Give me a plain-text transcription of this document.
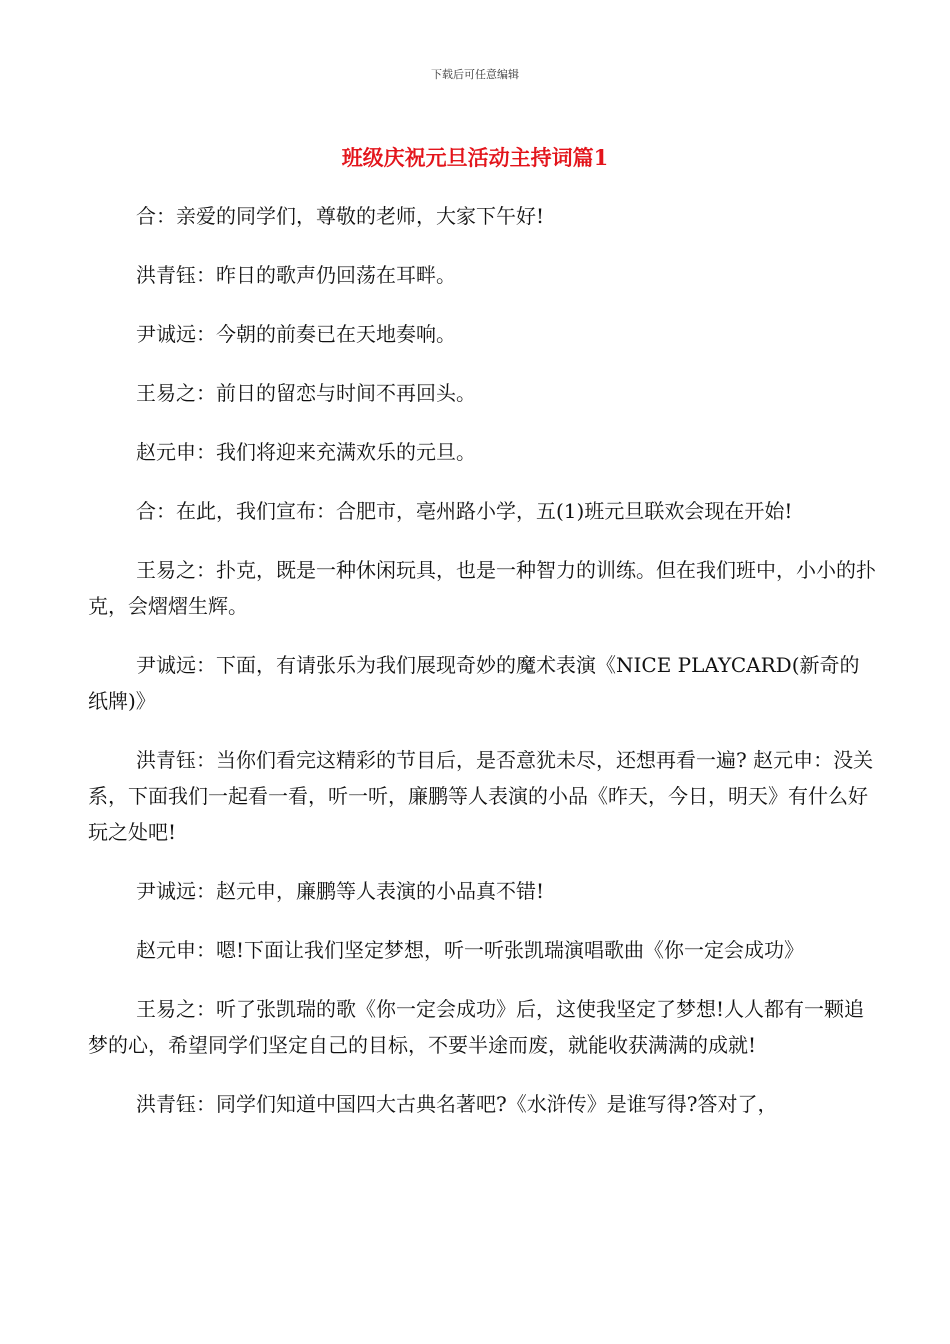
下载后可任意编辑
班级庆祝元旦活动主持词篇1

合：亲爱的同学们，尊敬的老师，大家下午好!

洪青钰：昨日的歌声仍回荡在耳畔。

尹诚远：今朝的前奏已在天地奏响。

王易之：前日的留恋与时间不再回头。

赵元申：我们将迎来充满欢乐的元旦。

合：在此，我们宣布：合肥市，亳州路小学，五(1)班元旦联欢会现在开始!

王易之：扑克，既是一种休闲玩具，也是一种智力的训练。但在我们班中，小小的扑克，会熠熠生辉。

尹诚远：下面，有请张乐为我们展现奇妙的魔术表演《NICE PLAYCARD(新奇的纸牌)》

洪青钰：当你们看完这精彩的节目后，是否意犹未尽，还想再看一遍? 赵元申：没关系，下面我们一起看一看，听一听，廉鹏等人表演的小品《昨天，今日，明天》有什么好玩之处吧!

尹诚远：赵元申，廉鹏等人表演的小品真不错!

赵元申：嗯!下面让我们坚定梦想，听一听张凯瑞演唱歌曲《你一定会成功》

王易之：听了张凯瑞的歌《你一定会成功》后，这使我坚定了梦想!人人都有一颗追梦的心，希望同学们坚定自己的目标，不要半途而废，就能收获满满的成就!

洪青钰：同学们知道中国四大古典名著吧?《水浒传》是谁写得?答对了，
